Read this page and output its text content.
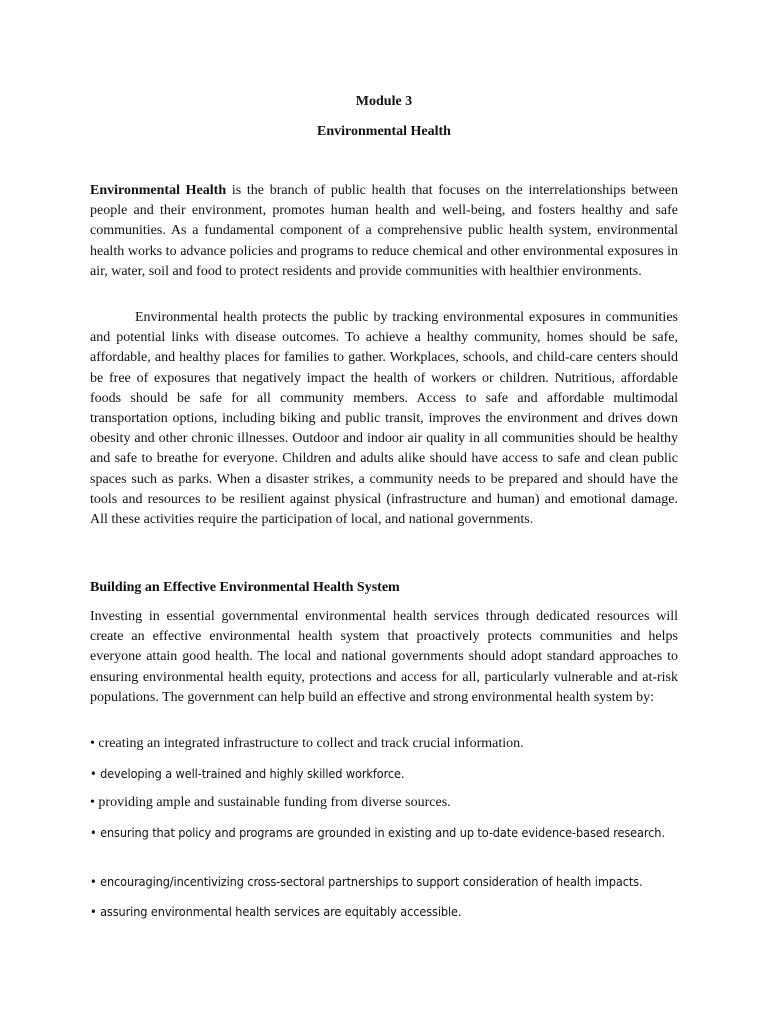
Module 3

Environmental Health

Environmental Health is the branch of public health that focuses on the interrelationships between people and their environment, promotes human health and well-being, and fosters healthy and safe communities. As a fundamental component of a comprehensive public health system, environmental health works to advance policies and programs to reduce chemical and other environmental exposures in air, water, soil and food to protect residents and provide communities with healthier environments.

Environmental health protects the public by tracking environmental exposures in communities and potential links with disease outcomes. To achieve a healthy community, homes should be safe, affordable, and healthy places for families to gather. Workplaces, schools, and child-care centers should be free of exposures that negatively impact the health of workers or children. Nutritious, affordable foods should be safe for all community members. Access to safe and affordable multimodal transportation options, including biking and public transit, improves the environment and drives down obesity and other chronic illnesses. Outdoor and indoor air quality in all communities should be healthy and safe to breathe for everyone. Children and adults alike should have access to safe and clean public spaces such as parks. When a disaster strikes, a community needs to be prepared and should have the tools and resources to be resilient against physical (infrastructure and human) and emotional damage. All these activities require the participation of local, and national governments.

Building an Effective Environmental Health System

Investing in essential governmental environmental health services through dedicated resources will create an effective environmental health system that proactively protects communities and helps everyone attain good health. The local and national governments should adopt standard approaches to ensuring environmental health equity, protections and access for all, particularly vulnerable and at-risk populations. The government can help build an effective and strong environmental health system by:

• creating an integrated infrastructure to collect and track crucial information.

• developing a well-trained and highly skilled workforce.

• providing ample and sustainable funding from diverse sources.

• ensuring that policy and programs are grounded in existing and up to-date evidence-based research.

• encouraging/incentivizing cross-sectoral partnerships to support consideration of health impacts.

• assuring environmental health services are equitably accessible.
